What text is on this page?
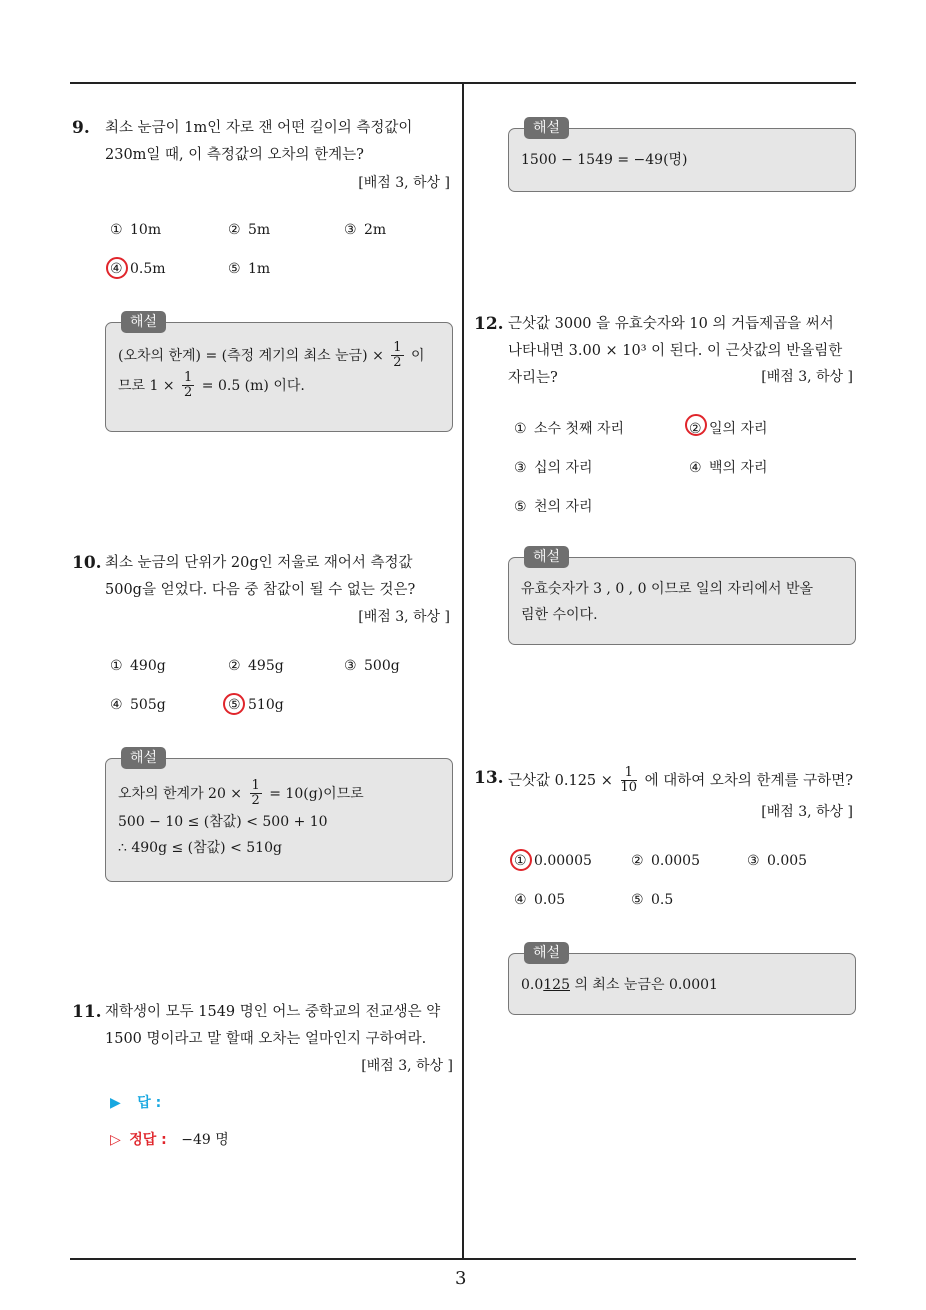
3
9. 최소 눈금이 1m인 자로 잰 어떤 길이의 측정값이
230m일 때, 이 측정값의 오차의 한계는?
[배점 3, 하상 ]
① 10m	② 5m	③ 2m
④ 0.5m	⑤ 1m
(오차의 한계) = (측정 계기의 최소 눈금) × $\frac{1}{2}$ 이
므로 $1 \times \frac{1}{2} = 0.5$ (m) 이다.
해설
10. 최소 눈금의 단위가 20g인 저울로 재어서 측정값
500g을 얻었다. 다음 중 참값이 될 수 없는 것은?
[배점 3, 하상 ]
① 490g	② 495g	③ 500g
④ 505g	⑤ 510g
오차의 한계가 $20 \times \frac{1}{2} = 10(g)$이므로
500 − 10 ≤ (참값) < 500 + 10
∴ 490g ≤ (참값) < 510g
해설
11. 재학생이 모두 1549 명인 어느 중학교의 전교생은 약
1500 명이라고 말 할때 오차는 얼마인지 구하여라.
[배점 3, 하상 ]
▶ 답 :
▷ 정답 : −49 명
1500 − 1549 = −49(명)
해설
12. 근삿값 3000 을 유효숫자와 10 의 거듭제곱을 써서
나타내면 3.00 × 10³ 이 된다. 이 근삿값의 반올림한
자리는?	[배점 3, 하상 ]
① 소수 첫째 자리	② 일의 자리
③ 십의 자리	④ 백의 자리
⑤ 천의 자리
유효숫자가 3 , 0 , 0 이므로 일의 자리에서 반올
림한 수이다.
해설
13. 근삿값 $0.125 \times \frac{1}{10}$ 에 대하여 오차의 한계를 구하면?
[배점 3, 하상 ]
① 0.00005	② 0.0005	③ 0.005
④ 0.05	⑤ 0.5
0.0125 의 최소 눈금은 0.0001
해설
